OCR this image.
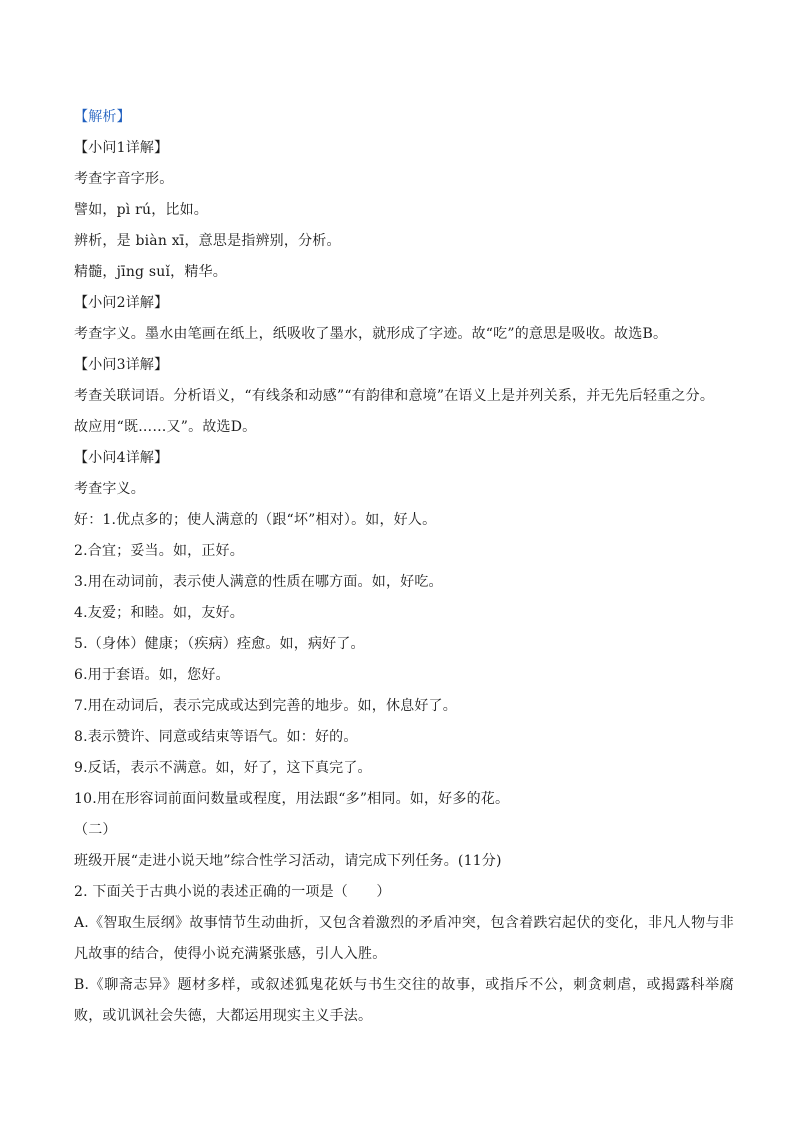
【解析】
【小问1详解】
考查字音字形。
譬如，pì rú，比如。
辨析，是 biàn xī，意思是指辨别，分析。
精髓，jīng suǐ，精华。
【小问2详解】
考查字义。墨水由笔画在纸上，纸吸收了墨水，就形成了字迹。故“吃”的意思是吸收。故选B。
【小问3详解】
考查关联词语。分析语义，“有线条和动感”“有韵律和意境”在语义上是并列关系，并无先后轻重之分。
故应用“既……又”。故选D。
【小问4详解】
考查字义。
好：1.优点多的；使人满意的（跟“坏”相对）。如，好人。
2.合宜；妥当。如，正好。
3.用在动词前，表示使人满意的性质在哪方面。如，好吃。
4.友爱；和睦。如，友好。
5.（身体）健康；（疾病）痊愈。如，病好了。
6.用于套语。如，您好。
7.用在动词后，表示完成或达到完善的地步。如，休息好了。
8.表示赞许、同意或结束等语气。如：好的。
9.反话，表示不满意。如，好了，这下真完了。
10.用在形容词前面问数量或程度，用法跟“多”相同。如，好多的花。
（二）
班级开展“走进小说天地”综合性学习活动，请完成下列任务。(11分)
2. 下面关于古典小说的表述正确的一项是（　　）
A.《智取生辰纲》故事情节生动曲折，又包含着激烈的矛盾冲突，包含着跌宕起伏的变化，非凡人物与非凡故事的结合，使得小说充满紧张感，引人入胜。
B.《聊斋志异》题材多样，或叙述狐鬼花妖与书生交往的故事，或指斥不公，刺贪刺虐，或揭露科举腐败，或讥讽社会失德，大都运用现实主义手法。
